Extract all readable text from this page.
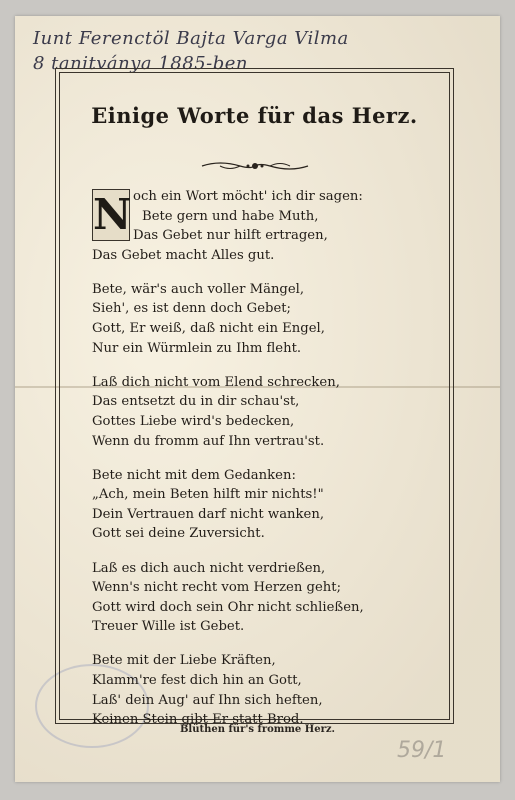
Iunt Ferenctöl Bajta Varga Vilma
8 tanitványa 1885-ben
Einige Worte für das Herz.
N och ein Wort möcht' ich dir sagen:
Bete gern und habe Muth,
Das Gebet nur hilft ertragen,
Das Gebet macht Alles gut.
Bete, wär's auch voller Mängel,
Sieh', es ist denn doch Gebet;
Gott, Er weiß, daß nicht ein Engel,
Nur ein Würmlein zu Ihm fleht.
Laß dich nicht vom Elend schrecken,
Das entsetzt du in dir schau'st,
Gottes Liebe wird's bedecken,
Wenn du fromm auf Ihn vertrau'st.
Bete nicht mit dem Gedanken:
„Ach, mein Beten hilft mir nichts!"
Dein Vertrauen darf nicht wanken,
Gott sei deine Zuversicht.
Laß es dich auch nicht verdrießen,
Wenn's nicht recht vom Herzen geht;
Gott wird doch sein Ohr nicht schließen,
Treuer Wille ist Gebet.
Bete mit der Liebe Kräften,
Klamm're fest dich hin an Gott,
Laß' dein Aug' auf Ihn sich heften,
Keinen Stein gibt Er statt Brod.
Blüthen für's fromme Herz.
59/1
